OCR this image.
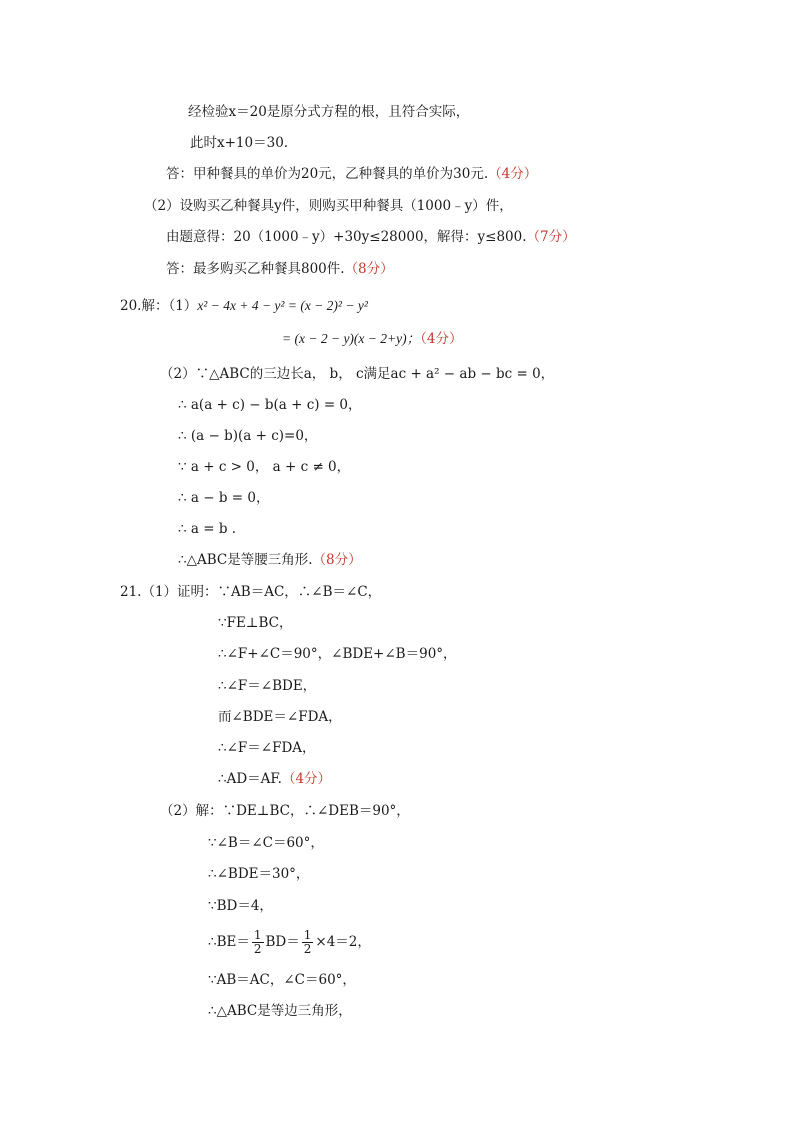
经检验x＝20是原分式方程的根，且符合实际，
此时x+10＝30.
答：甲种餐具的单价为20元，乙种餐具的单价为30元.（4分）
（2）设购买乙种餐具y件，则购买甲种餐具（1000﹣y）件，
由题意得：20（1000﹣y）+30y≤28000，解得：y≤800.（7分）
答：最多购买乙种餐具800件.（8分）
20.解：（1）x² − 4x + 4 − y² = (x − 2)² − y²
= (x − 2 − y)(x − 2+y)；（4分）
（2）∵△ABC的三边长a， b， c满足ac + a² − ab − bc = 0，
∴ a(a + c) − b(a + c) = 0，
∴ (a − b)(a + c)=0，
∵ a + c > 0， a + c ≠ 0，
∴ a − b = 0，
∴ a = b .
∴△ABC是等腰三角形.（8分）
21.（1）证明：∵AB＝AC，∴∠B＝∠C，
∵FE⊥BC，
∴∠F+∠C＝90°，∠BDE+∠B＝90°，
∴∠F＝∠BDE，
而∠BDE＝∠FDA，
∴∠F＝∠FDA，
∴AD＝AF.（4分）
（2）解：∵DE⊥BC，∴∠DEB＝90°，
∵∠B＝∠C＝60°，
∴∠BDE＝30°，
∵BD＝4，
∴BE＝ $\frac{1}{2} BD= \frac{1}{2} \times 4=2$，
∵AB＝AC，∠C＝60°，
∴△ABC是等边三角形，
